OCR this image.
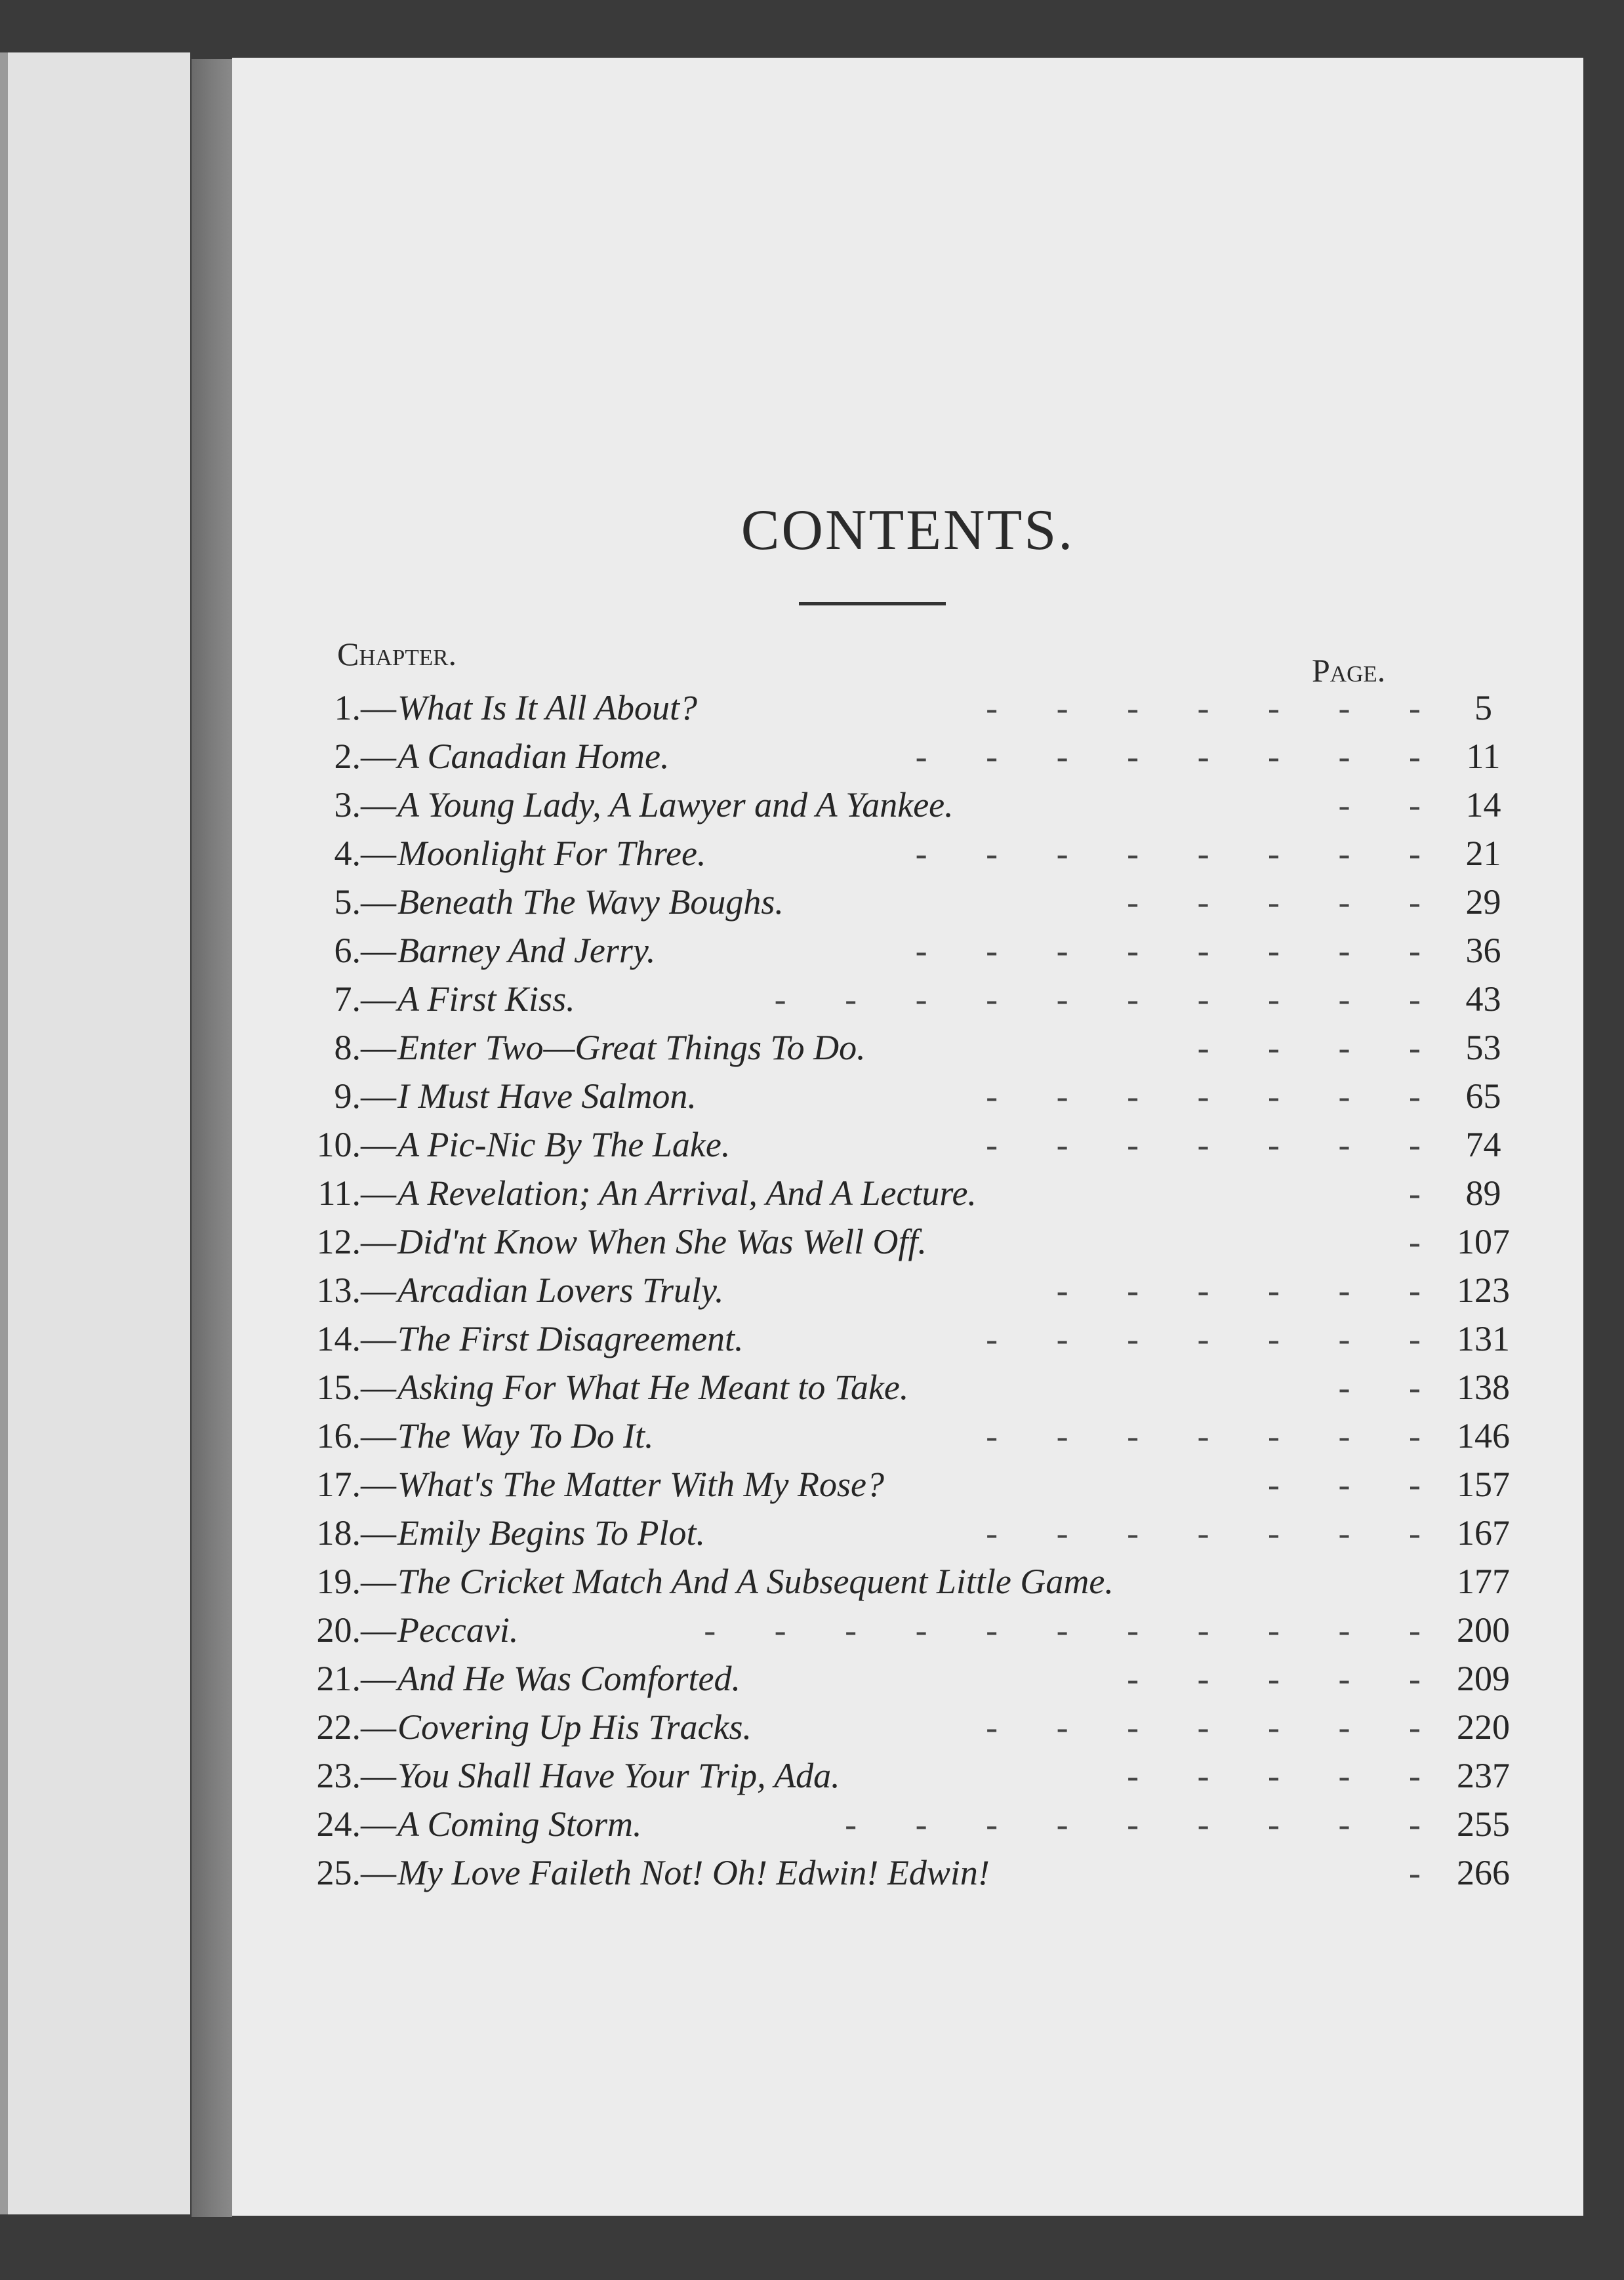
CONTENTS.
Chapter.	Page.
1.— What Is It All About?	- - - - - - - 5
2.— A Canadian Home.	- - - - - - - - 11
3.— A Young Lady, A Lawyer and A Yankee.	- - 14
4.— Moonlight For Three.	- - - - - - - - 21
5.— Beneath The Wavy Boughs.	- - - - - 29
6.— Barney And Jerry.	- - - - - - - - 36
7.— A First Kiss.	- - - - - - - - - - 43
8.— Enter Two—Great Things To Do.	- - - - 53
9.— I Must Have Salmon.	- - - - - - - 65
10.— A Pic-Nic By The Lake.	- - - - - - - 74
11.— A Revelation; An Arrival, And A Lecture.	- 89
12.— Did'nt Know When She Was Well Off.	- 107
13.— Arcadian Lovers Truly.	- - - - - - 123
14.— The First Disagreement.	- - - - - - - 131
15.— Asking For What He Meant to Take.	- - 138
16.— The Way To Do It.	- - - - - - - 146
17.— What's The Matter With My Rose?	- - - 157
18.— Emily Begins To Plot.	- - - - - - - 167
19.— The Cricket Match And A Subsequent Little Game.	177
20.— Peccavi.	- - - - - - - - - - - 200
21.— And He Was Comforted.	- - - - - 209
22.— Covering Up His Tracks.	- - - - - - - 220
23.— You Shall Have Your Trip, Ada.	- - - - - 237
24.— A Coming Storm.	- - - - - - - - - 255
25.— My Love Faileth Not! Oh! Edwin! Edwin!	- 266
